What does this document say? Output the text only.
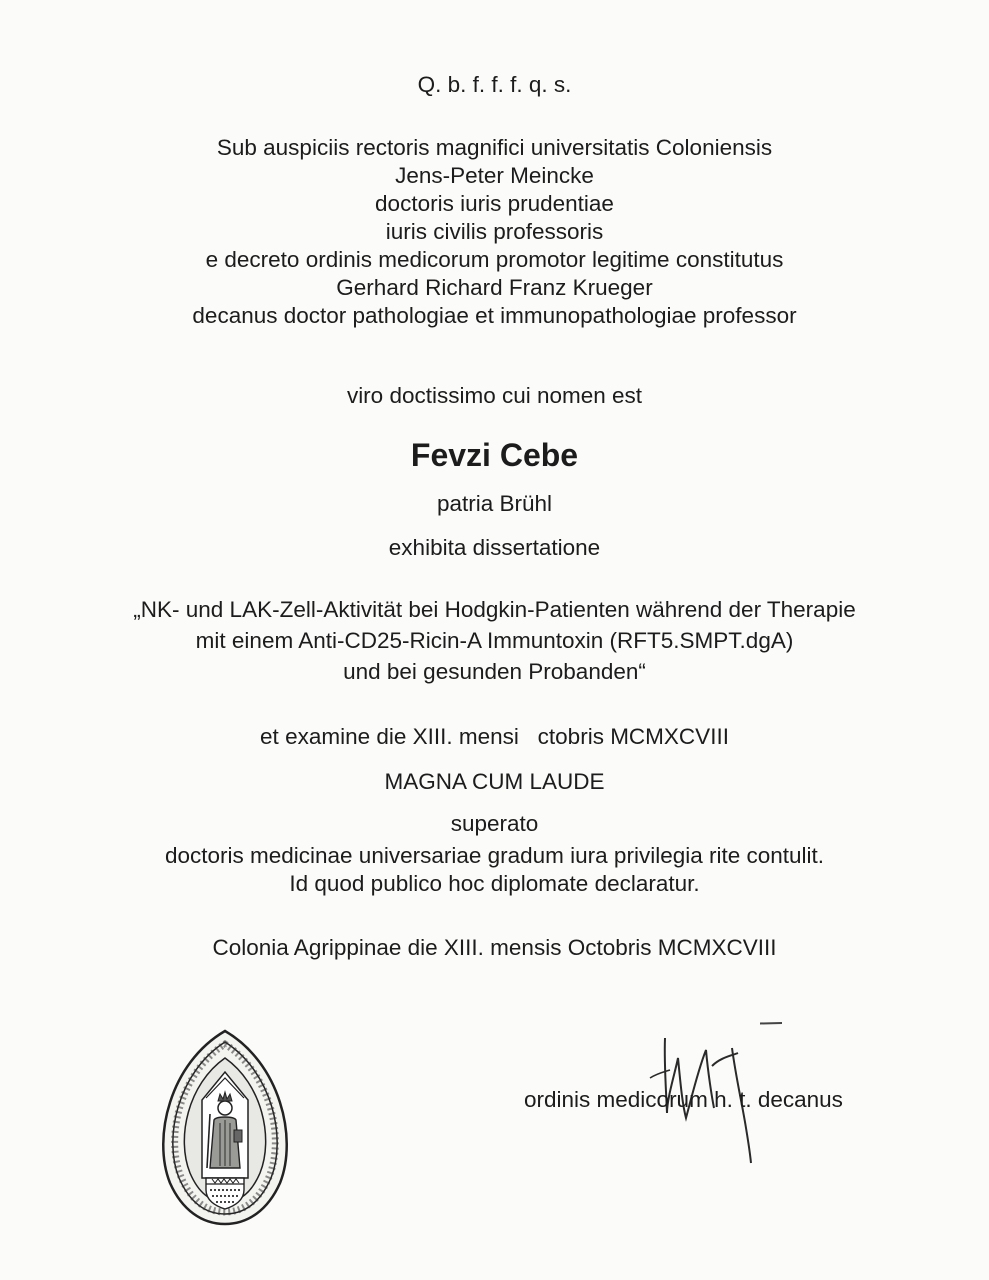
Q. b. f. f. f. q. s.
Sub auspiciis rectoris magnifici universitatis Coloniensis
Jens-Peter Meincke
doctoris iuris prudentiae
iuris civilis professoris
e decreto ordinis medicorum promotor legitime constitutus
Gerhard Richard Franz Krueger
decanus doctor pathologiae et immunopathologiae professor
viro doctissimo cui nomen est
Fevzi Cebe
patria Brühl
exhibita dissertatione
„NK- und LAK-Zell-Aktivität bei Hodgkin-Patienten während der Therapie
mit einem Anti-CD25-Ricin-A Immuntoxin (RFT5.SMPT.dgA)
und bei gesunden Probanden“
et examine die XIII. mensi   ctobris MCMXCVIII
MAGNA CUM LAUDE
superato
doctoris medicinae universariae gradum iura privilegia rite contulit.
Id quod publico hoc diplomate declaratur.
Colonia Agrippinae die XIII. mensis Octobris MCMXCVIII
ordinis medicorum h. t. decanus
